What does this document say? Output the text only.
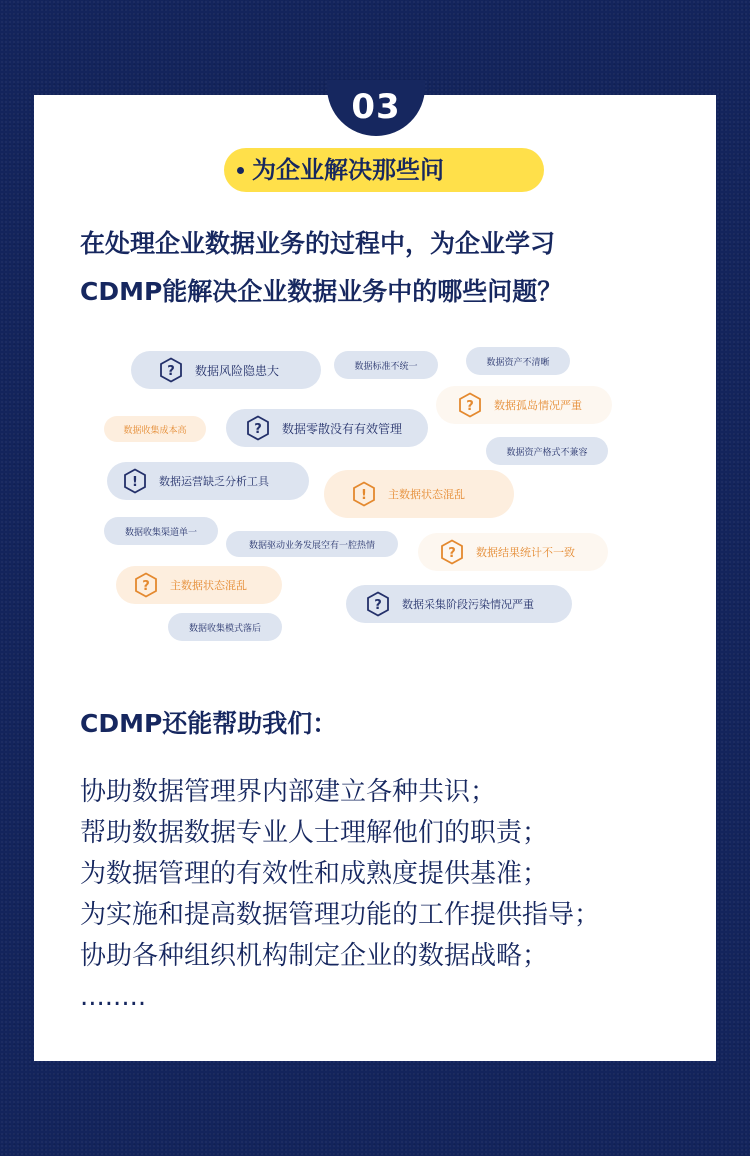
03
为企业解决那些问
在处理企业数据业务的过程中，为企业学习
CDMP能解决企业数据业务中的哪些问题？
? 数据风险隐患大	数据标准不统一	数据资产不清晰
? 数据孤岛情况严重
数据收集成本高	? 数据零散没有有效管理
数据资产格式不兼容
! 数据运营缺乏分析工具
! 主数据状态混乱
数据收集渠道单一
数据驱动业务发展空有一腔热情
? 数据结果统计不一致
? 主数据状态混乱
? 数据采集阶段污染情况严重
数据收集模式落后
CDMP还能帮助我们：
协助数据管理界内部建立各种共识；
帮助数据数据专业人士理解他们的职责；
为数据管理的有效性和成熟度提供基准；
为实施和提高数据管理功能的工作提供指导；
协助各种组织机构制定企业的数据战略；
........
